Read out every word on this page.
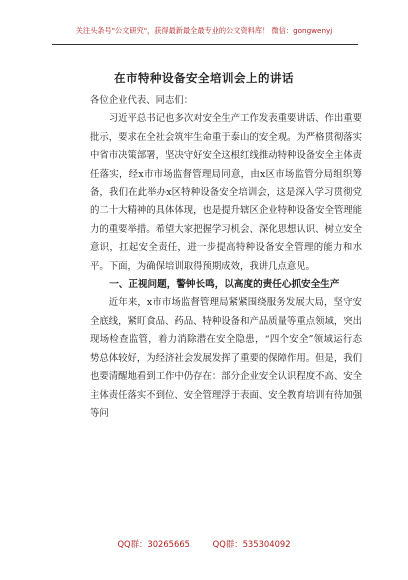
关注头条号"公文研究"，获得最新最全最专业的公文资料库！ 微信：gongwenyj
在市特种设备安全培训会上的讲话

各位企业代表、同志们：

习近平总书记也多次对安全生产工作发表重要讲话、作出重要批示，要求在全社会筑牢生命重于泰山的安全观。为严格贯彻落实中省市决策部署，坚决守好安全这根红线推动特种设备安全主体责任落实，经x市市场监督管理局同意，由x区市场监管分局组织筹备，我们在此举办x区特种设备安全培训会，这是深入学习贯彻党的二十大精神的具体体现，也是提升辖区企业特种设备安全管理能力的重要举措。希望大家把握学习机会、深化思想认识、树立安全意识，扛起安全责任，进一步提高特种设备安全管理的能力和水平。下面，为确保培训取得预期成效，我讲几点意见。

一、正视问题，警钟长鸣，以高度的责任心抓安全生产

近年来，x市市场监督管理局紧紧围绕服务发展大局，坚守安全底线，紧盯食品、药品、特种设备和产品质量等重点领域，突出现场检查监管，着力消除潜在安全隐患，“四个安全”领域运行态势总体较好，为经济社会发展发挥了重要的保障作用。但是，我们也要清醒地看到工作中仍存在：部分企业安全认识程度不高、安全主体责任落实不到位、安全管理浮于表面、安全教育培训有待加强等问

QQ群：30265665	QQ群：535304092
